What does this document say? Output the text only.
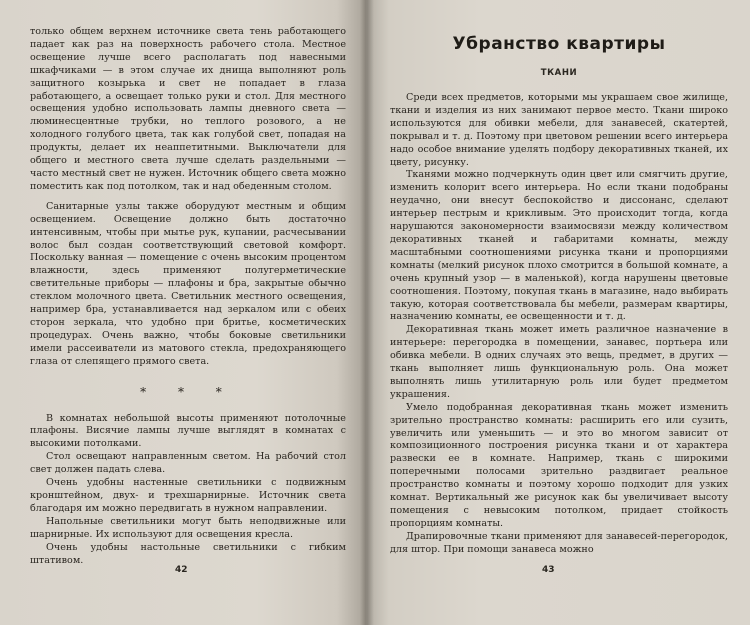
только общем верхнем источнике света тень работающего падает как раз на поверхность рабочего стола. Местное освещение лучше всего располагать под навесными шкафчиками — в этом случае их днища выполняют роль защитного козырька и свет не попадает в глаза работающего, а освещает только руки и стол. Для местного освещения удобно использовать лампы дневного света — люминесцентные трубки, но теплого розового, а не холодного голубого цвета, так как голубой свет, попадая на продукты, делает их неаппетитными. Выключатели для общего и местного света лучше сделать раздельными — часто местный свет не нужен. Источник общего света можно поместить как под потолком, так и над обеденным столом.

Санитарные узлы также оборудуют местным и общим освещением. Освещение должно быть достаточно интенсивным, чтобы при мытье рук, купании, расчесывании волос был создан соответствующий световой комфорт. Поскольку ванная — помещение с очень высоким процентом влажности, здесь применяют полугерметические светительные приборы — плафоны и бра, закрытые обычно стеклом молочного цвета. Светильник местного освещения, например бра, устанавливается над зеркалом или с обеих сторон зеркала, что удобно при бритье, косметических процедурах. Очень важно, чтобы боковые светильники имели рассеиватели из матового стекла, предохраняющего глаза от слепящего прямого света.

* * *

В комнатах небольшой высоты применяют потолочные плафоны. Висячие лампы лучше выглядят в комнатах с высокими потолками.

Стол освещают направленным светом. На рабочий стол свет должен падать слева.

Очень удобны настенные светильники с подвижным кронштейном, двух- и трехшарнирные. Источник света благодаря им можно передвигать в нужном направлении.

Напольные светильники могут быть неподвижные или шарнирные. Их используют для освещения кресла.

Очень удобны настольные светильники с гибким штативом.

42
Убранство квартиры
ТКАНИ

Среди всех предметов, которыми мы украшаем свое жилище, ткани и изделия из них занимают первое место. Ткани широко используются для обивки мебели, для занавесей, скатертей, покрывал и т. д. Поэтому при цветовом решении всего интерьера надо особое внимание уделять подбору декоративных тканей, их цвету, рисунку.

Тканями можно подчеркнуть один цвет или смягчить другие, изменить колорит всего интерьера. Но если ткани подобраны неудачно, они внесут беспокойство и диссонанс, сделают интерьер пестрым и крикливым. Это происходит тогда, когда нарушаются закономерности взаимосвязи между количеством декоративных тканей и габаритами комнаты, между масштабными соотношениями рисунка ткани и пропорциями комнаты (мелкий рисунок плохо смотрится в большой комнате, а очень крупный узор — в маленькой), когда нарушены цветовые соотношения. Поэтому, покупая ткань в магазине, надо выбирать такую, которая соответствовала бы мебели, размерам квартиры, назначению комнаты, ее освещенности и т. д.

Декоративная ткань может иметь различное назначение в интерьере: перегородка в помещении, занавес, портьера или обивка мебели. В одних случаях это вещь, предмет, в других — ткань выполняет лишь функциональную роль. Она может выполнять лишь утилитарную роль или будет предметом украшения.

Умело подобранная декоративная ткань может изменить зрительно пространство комнаты: расширить его или сузить, увеличить или уменьшить — и это во многом зависит от композиционного построения рисунка ткани и от характера развески ее в комнате. Например, ткань с широкими поперечными полосами зрительно раздвигает реальное пространство комнаты и поэтому хорошо подходит для узких комнат. Вертикальный же рисунок как бы увеличивает высоту помещения с невысоким потолком, придает стойкость пропорциям комнаты.

Драпировочные ткани применяют для занавесей-перегородок, для штор. При помощи занавеса можно

43
